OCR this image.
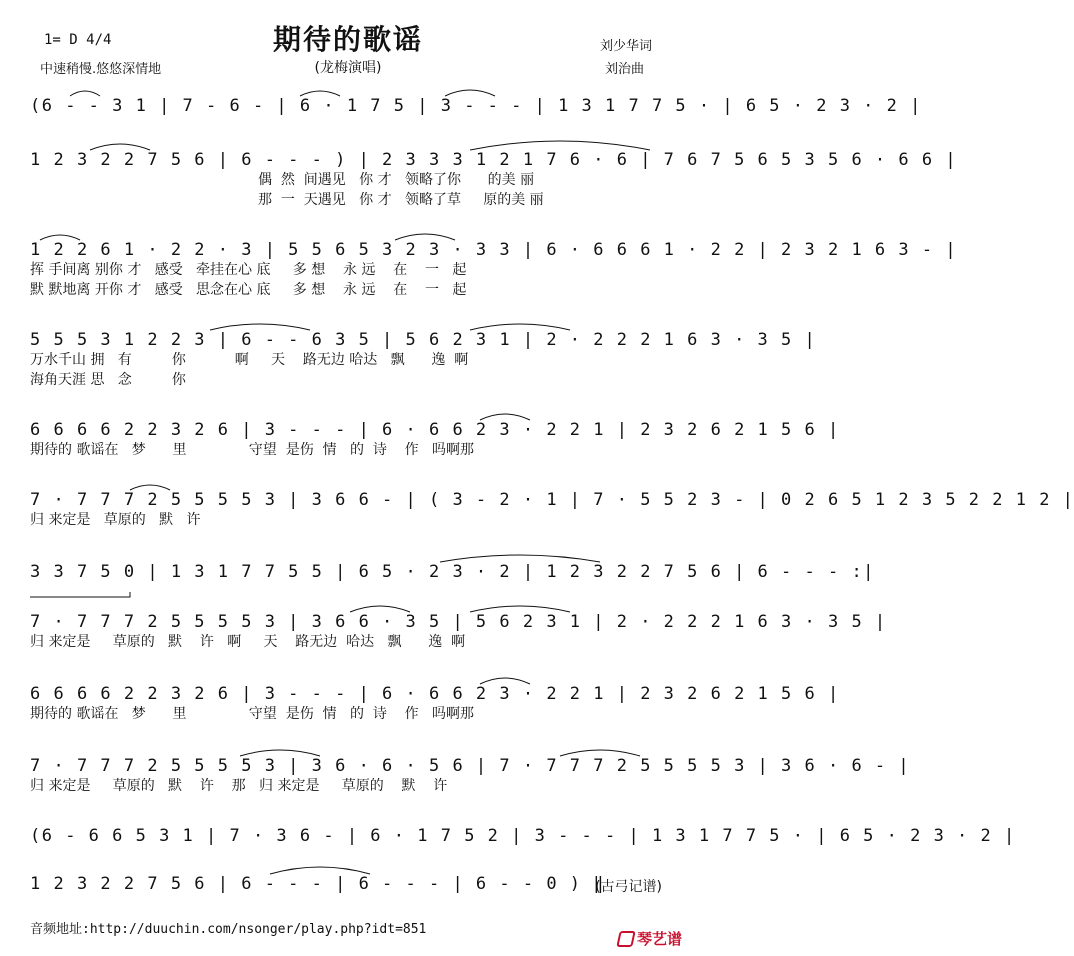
期待的歌谣
(龙梅演唱)
1= D 4/4
中速稍慢.悠悠深情地
刘少华词
刘治曲
(6 - - 3 1 | 7 - 6 - | 6 · 1 7 5 | 3 - - - | 1 3 1 7 7 5 · | 6 5 · 2 3 · 2 |
1 2 3 2 2 7 5 6 | 6 - - - ) | 2 3 3 3 1 2 1 7 6 · 6 | 7 6 7 5 6 5 3 5 6 · 6 6 |
偶  然  间遇见   你 才   领略了你      的美 丽
那  一  天遇见   你 才   领略了草     原的美 丽
1 2 2 6 1 · 2 2 · 3 | 5 5 6 5 3 2 3 · 3 3 | 6 · 6 6 6 1 · 2 2 | 2 3 2 1 6 3 - |
挥 手间离 别你 才   感受   牵挂在心 底     多 想    永 远    在    一   起
默 默地离 开你 才   感受   思念在心 底     多 想    永 远    在    一   起
5 5 5 3 1 2 2 3 | 6 - - 6 3 5 | 5 6 2 3 1 | 2 · 2 2 2 1 6 3 · 3 5 |
万水千山 拥   有         你           啊     天    路无边 哈达   飘      逸  啊
海角天涯 思   念         你
6 6 6 6 2 2 3 2 6 | 3 - - - | 6 · 6 6 2 3 · 2 2 1 | 2 3 2 6 2 1 5 6 |
期待的 歌谣在   梦      里              守望  是伤  情   的  诗    作   吗啊那
7 · 7 7 7 2 5 5 5 5 3 | 3 6 6 - | ( 3 - 2 · 1 | 7 · 5 5 2 3 - | 0 2 6 5 1 2 3 5 2 2 1 2 |
归 来定是   草原的   默   许
3 3 7 5 0 | 1 3 1 7 7 5 5 | 6 5 · 2 3 · 2 | 1 2 3 2 2 7 5 6 | 6 - - - :|
7 · 7 7 7 2 5 5 5 5 3 | 3 6 6 · 3 5 | 5 6 2 3 1 | 2 · 2 2 2 1 6 3 · 3 5 |
归 来定是     草原的   默    许   啊     天    路无边  哈达   飘      逸  啊
6 6 6 6 2 2 3 2 6 | 3 - - - | 6 · 6 6 2 3 · 2 2 1 | 2 3 2 6 2 1 5 6 |
期待的 歌谣在   梦      里              守望  是伤  情   的  诗    作   吗啊那
7 · 7 7 7 2 5 5 5 5 3 | 3 6 · 6 · 5 6 | 7 · 7 7 7 2 5 5 5 5 3 | 3 6 · 6 - |
归 来定是     草原的   默    许    那   归 来定是     草原的    默    许
(6 - 6 6 5 3 1 | 7 · 3 6 - | 6 · 1 7 5 2 | 3 - - - | 1 3 1 7 7 5 · | 6 5 · 2 3 · 2 |
1 2 3 2 2 7 5 6 | 6 - - - | 6 - - - | 6 - - 0 ) ‖
(古弓记谱)
音频地址:http://duuchin.com/nsonger/play.php?idt=851
琴艺谱
